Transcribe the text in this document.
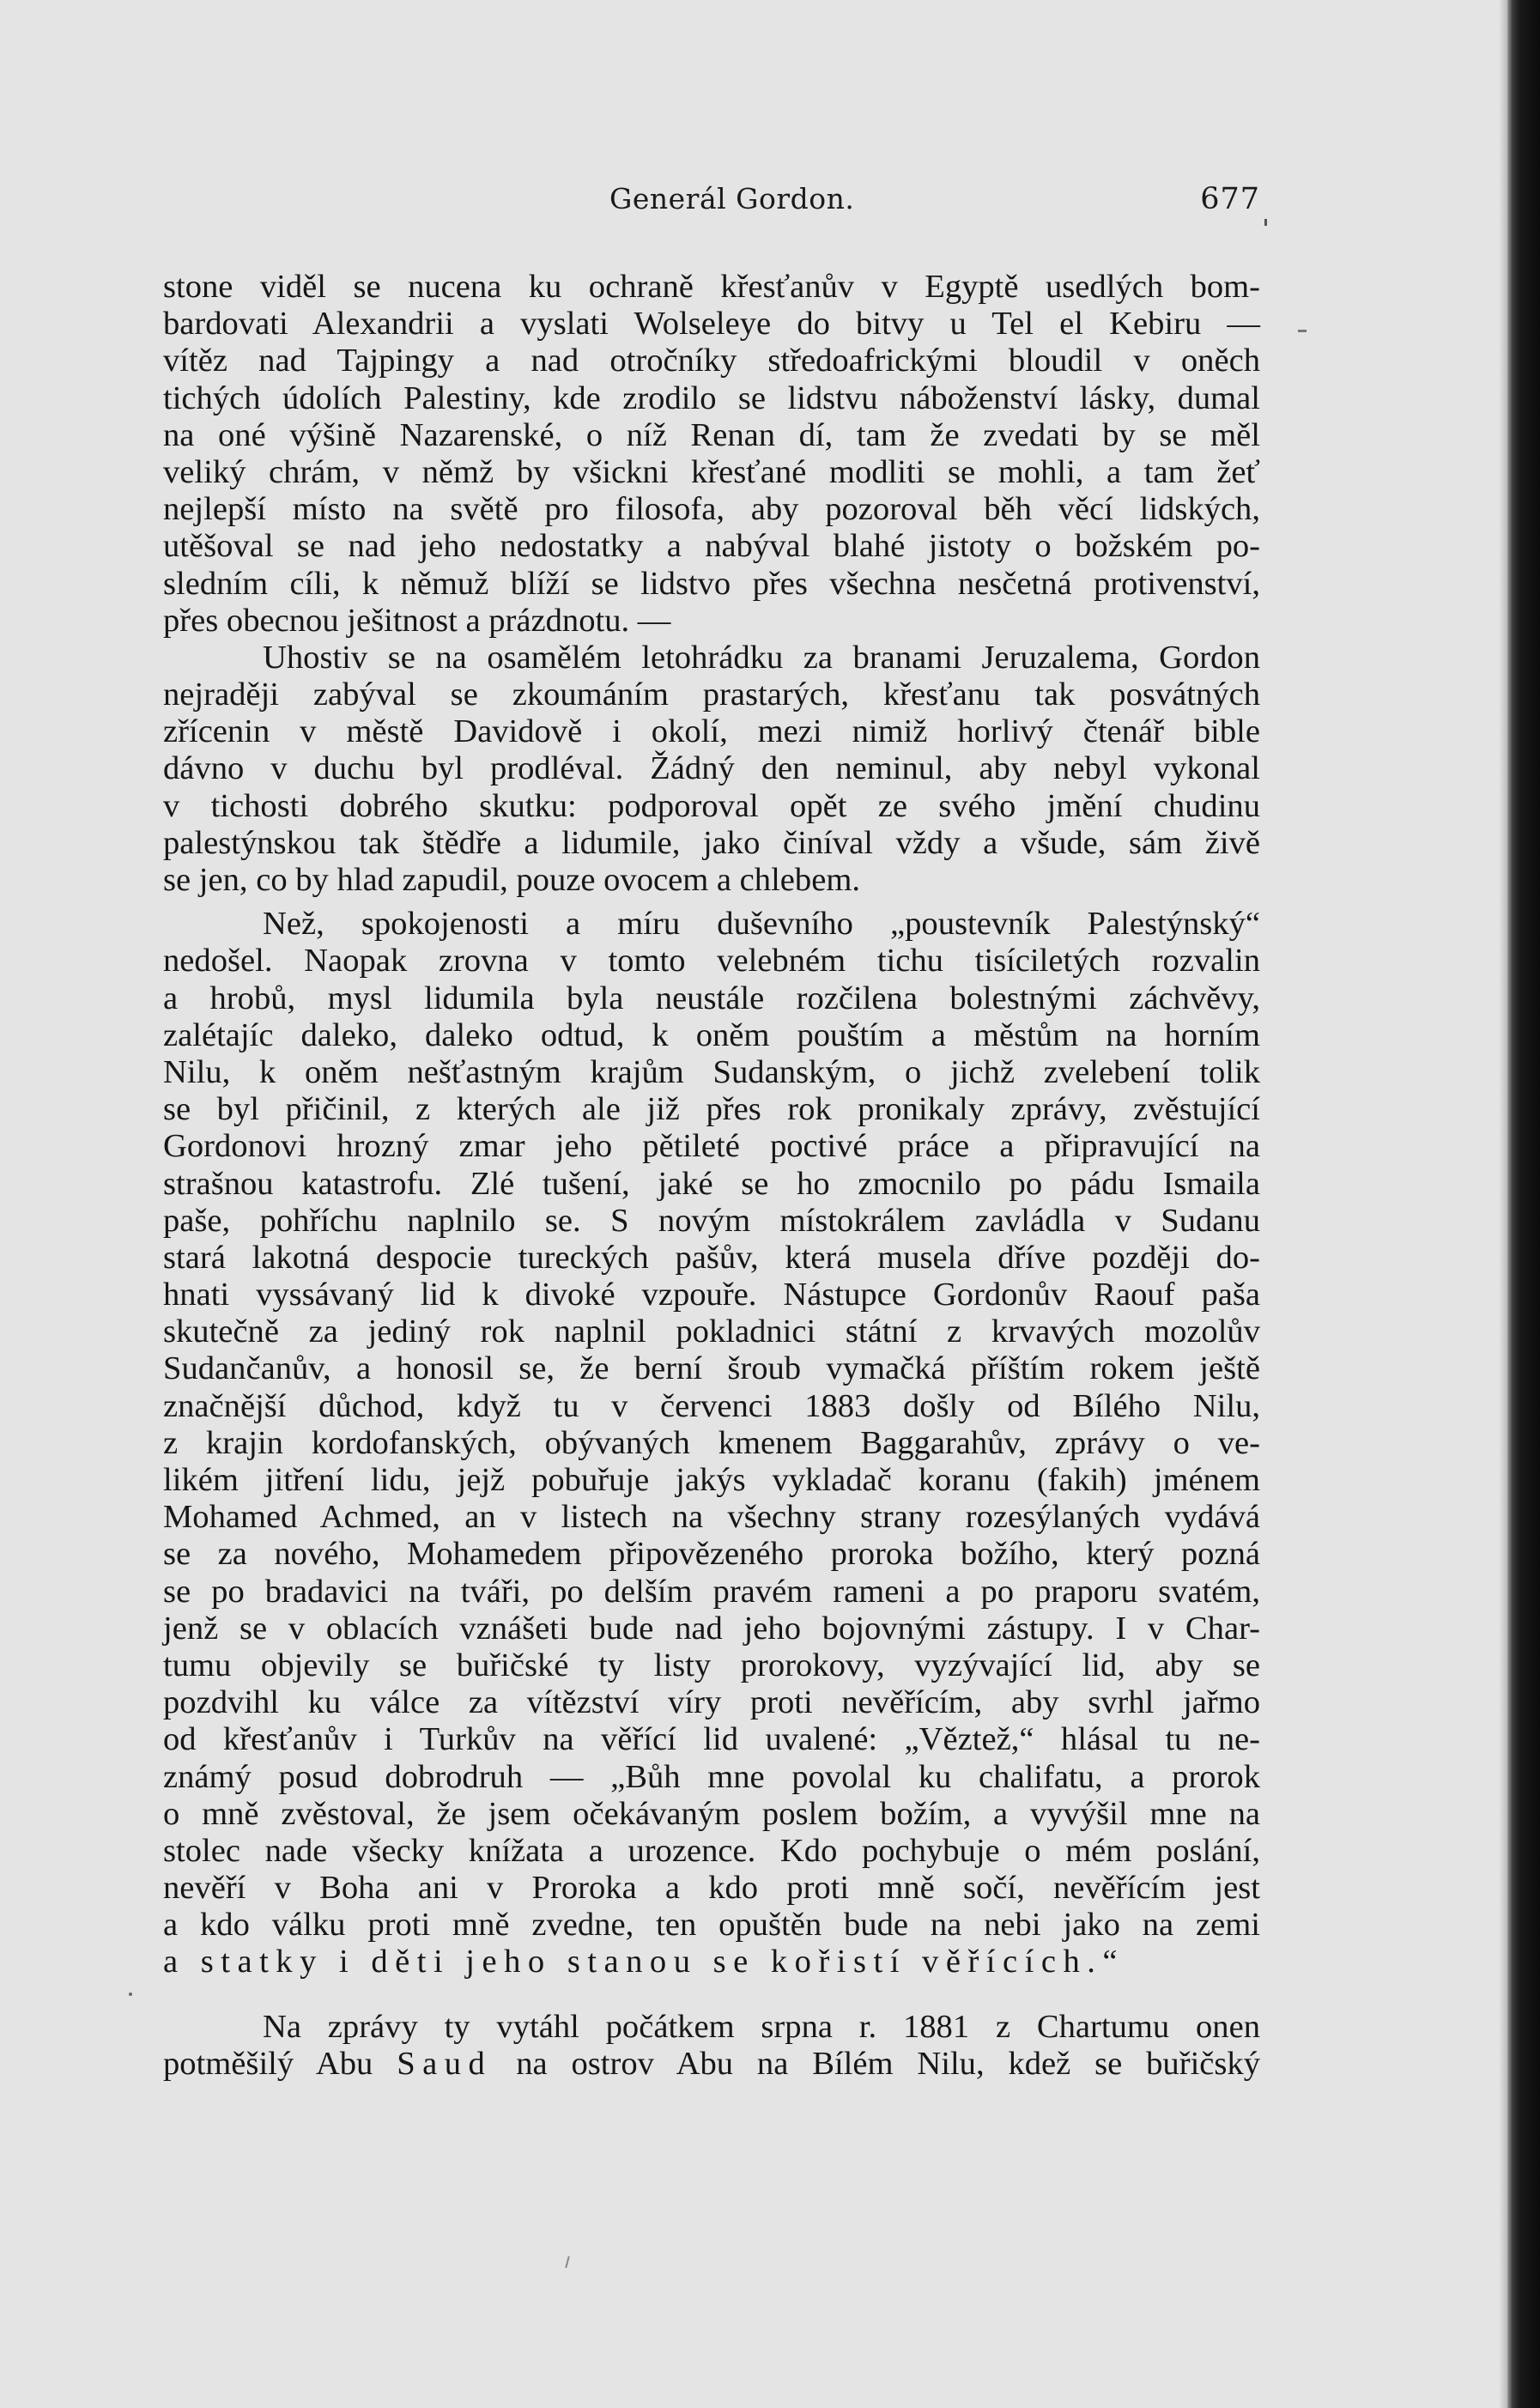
Generál Gordon.	677
stone viděl se nucena ku ochraně křesťanův v Egyptě usedlých bom-
bardovati Alexandrii a vyslati Wolseleye do bitvy u Tel el Kebiru —
vítěz nad Tajpingy a nad otročníky středoafrickými bloudil v oněch
tichých údolích Palestiny, kde zrodilo se lidstvu náboženství lásky, dumal
na oné výšině Nazarenské, o níž Renan dí, tam že zvedati by se měl
veliký chrám, v němž by všickni křesťané modliti se mohli, a tam žeť
nejlepší místo na světě pro filosofa, aby pozoroval běh věcí lidských,
utěšoval se nad jeho nedostatky a nabýval blahé jistoty o božském po-
sledním cíli, k němuž blíží se lidstvo přes všechna nesčetná protivenství,
přes obecnou ješitnost a prázdnotu. —
Uhostiv se na osamělém letohrádku za branami Jeruzalema, Gordon
nejraději zabýval se zkoumáním prastarých, křesťanu tak posvátných
zřícenin v městě Davidově i okolí, mezi nimiž horlivý čtenář bible
dávno v duchu byl prodléval. Žádný den neminul, aby nebyl vykonal
v tichosti dobrého skutku: podporoval opět ze svého jmění chudinu
palestýnskou tak štědře a lidumile, jako činíval vždy a všude, sám živě
se jen, co by hlad zapudil, pouze ovocem a chlebem.
Než, spokojenosti a míru duševního „poustevník Palestýnský“
nedošel. Naopak zrovna v tomto velebném tichu tisíciletých rozvalin
a hrobů, mysl lidumila byla neustále rozčilena bolestnými záchvěvy,
zalétajíc daleko, daleko odtud, k oněm pouštím a městům na horním
Nilu, k oněm nešťastným krajům Sudanským, o jichž zvelebení tolik
se byl přičinil, z kterých ale již přes rok pronikaly zprávy, zvěstující
Gordonovi hrozný zmar jeho pětileté poctivé práce a připravující na
strašnou katastrofu. Zlé tušení, jaké se ho zmocnilo po pádu Ismaila
paše, pohříchu naplnilo se. S novým místokrálem zavládla v Sudanu
stará lakotná despocie tureckých pašův, která musela dříve později do-
hnati vyssávaný lid k divoké vzpouře. Nástupce Gordonův Raouf paša
skutečně za jediný rok naplnil pokladnici státní z krvavých mozolův
Sudančanův, a honosil se, že berní šroub vymačká příštím rokem ještě
značnější důchod, když tu v červenci 1883 došly od Bílého Nilu,
z krajin kordofanských, obývaných kmenem Baggarahův, zprávy o ve-
likém jitření lidu, jejž pobuřuje jakýs vykladač koranu (fakih) jménem
Mohamed Achmed, an v listech na všechny strany rozesýlaných vydává
se za nového, Mohamedem připovězeného proroka božího, který pozná
se po bradavici na tváři, po delším pravém rameni a po praporu svatém,
jenž se v oblacích vznášeti bude nad jeho bojovnými zástupy. I v Char-
tumu objevily se buřičské ty listy prorokovy, vyzývající lid, aby se
pozdvihl ku válce za vítězství víry proti nevěřícím, aby svrhl jařmo
od křesťanův i Turkův na věřící lid uvalené: „Věztež,“ hlásal tu ne-
známý posud dobrodruh — „Bůh mne povolal ku chalifatu, a prorok
o mně zvěstoval, že jsem očekávaným poslem božím, a vyvýšil mne na
stolec nade všecky knížata a urozence. Kdo pochybuje o mém poslání,
nevěří v Boha ani v Proroka a kdo proti mně sočí, nevěřícím jest
a kdo válku proti mně zvedne, ten opuštěn bude na nebi jako na zemi
a statky i děti jeho stanou se kořistí věřících.“
Na zprávy ty vytáhl počátkem srpna r. 1881 z Chartumu onen
potměšilý Abu Saud na ostrov Abu na Bílém Nilu, kdež se buřičský
